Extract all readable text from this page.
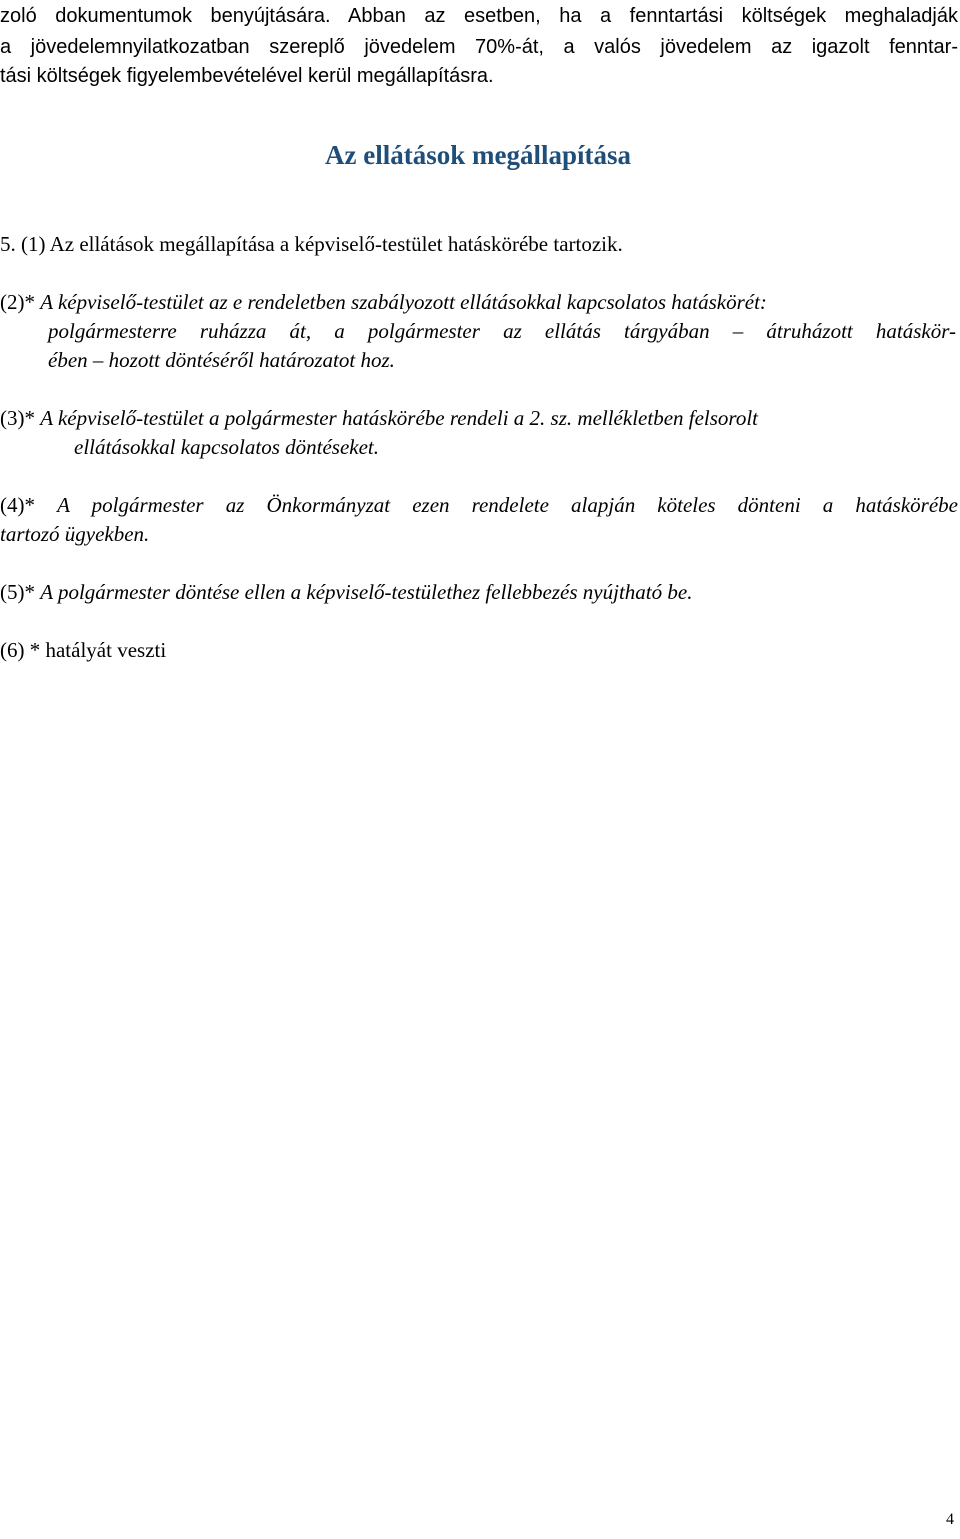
zoló dokumentumok benyújtására. Abban az esetben, ha a fenntartási költségek meghaladják
a jövedelemnyilatkozatban szereplő jövedelem 70%-át, a valós jövedelem az igazolt fenntar-
tási költségek figyelembevételével kerül megállapításra.
Az ellátások megállapítása
5. (1) Az ellátások megállapítása a képviselő-testület hatáskörébe tartozik.
(2)* A képviselő-testület az e rendeletben szabályozott ellátásokkal kapcsolatos hatáskörét:
polgármesterre ruházza át, a polgármester az ellátás tárgyában – átruházott hatáskör-
ében – hozott döntéséről határozatot hoz.
(3)* A képviselő-testület a polgármester hatáskörébe rendeli a 2. sz. mellékletben felsorolt
ellátásokkal kapcsolatos döntéseket.
(4)* A polgármester az Önkormányzat ezen rendelete alapján köteles dönteni a hatáskörébe
tartozó ügyekben.
(5)* A polgármester döntése ellen a képviselő-testülethez fellebbezés nyújtható be.
(6) * hatályát veszti
4
